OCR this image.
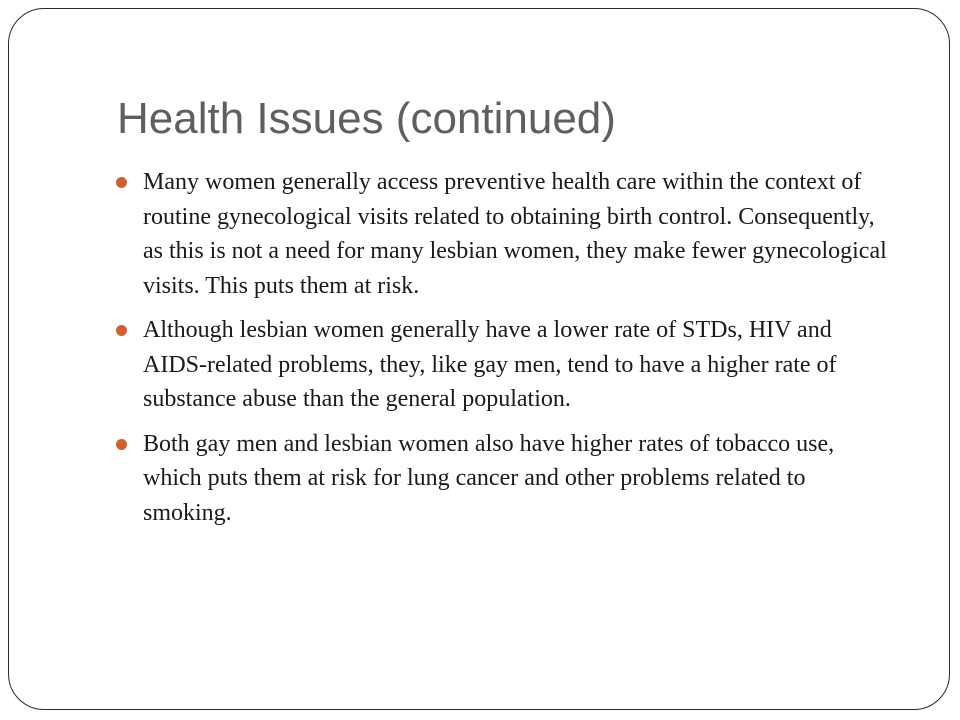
Health Issues (continued)
Many women generally access preventive health care within the context of routine gynecological visits related to obtaining birth control. Consequently, as this is not a need for many lesbian women, they make fewer gynecological visits. This puts them at risk.
Although lesbian women generally have a lower rate of STDs, HIV and AIDS-related problems, they, like gay men, tend to have a higher rate of substance abuse than the general population.
Both gay men and lesbian women also have higher rates of tobacco use, which puts them at risk for lung cancer and other problems related to smoking.
